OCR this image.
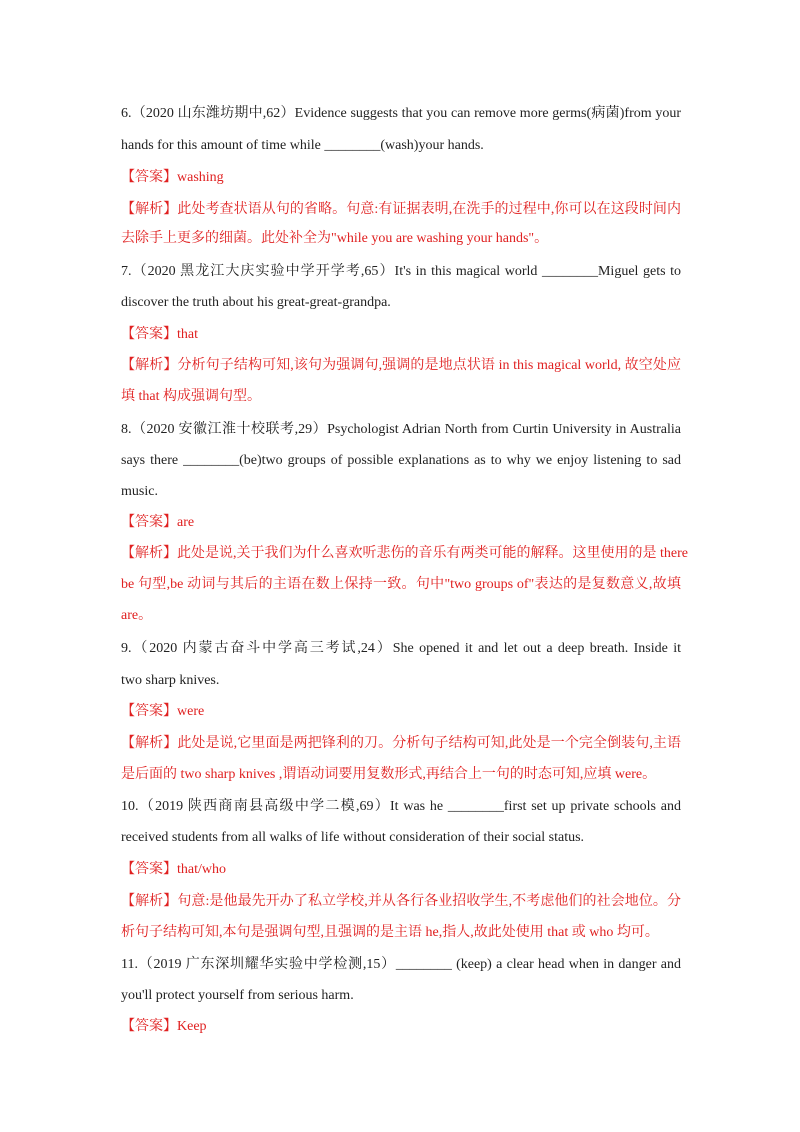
6.（2020 山东潍坊期中,62）Evidence suggests that you can remove more germs(病菌)from your
hands for this amount of time while ________(wash)your hands.
【答案】washing
【解析】此处考查状语从句的省略。句意:有证据表明,在洗手的过程中,你可以在这段时间内
去除手上更多的细菌。此处补全为"while you are washing your hands"。
7.（2020 黑龙江大庆实验中学开学考,65）It's in this magical world ________Miguel gets to
discover the truth about his great-great-grandpa.
【答案】that
【解析】分析句子结构可知,该句为强调句,强调的是地点状语 in this magical world, 故空处应
填 that 构成强调句型。
8.（2020 安徽江淮十校联考,29）Psychologist Adrian North from Curtin University in Australia
says there ________(be)two groups of possible explanations as to why we enjoy listening to sad
music.
【答案】are
【解析】此处是说,关于我们为什么喜欢听悲伤的音乐有两类可能的解释。这里使用的是 there
be 句型,be 动词与其后的主语在数上保持一致。句中"two groups of"表达的是复数意义,故填
are。
9.（2020 内蒙古奋斗中学高三考试,24）She opened it and let out a deep breath. Inside it
two sharp knives.
【答案】were
【解析】此处是说,它里面是两把锋利的刀。分析句子结构可知,此处是一个完全倒装句,主语
是后面的 two sharp knives ,谓语动词要用复数形式,再结合上一句的时态可知,应填 were。
10.（2019 陕西商南县高级中学二模,69）It was he ________first set up private schools and
received students from all walks of life without consideration of their social status.
【答案】that/who
【解析】句意:是他最先开办了私立学校,并从各行各业招收学生,不考虑他们的社会地位。分
析句子结构可知,本句是强调句型,且强调的是主语 he,指人,故此处使用 that 或 who 均可。
11.（2019 广东深圳耀华实验中学检测,15）________ (keep) a clear head when in danger and
you'll protect yourself from serious harm.
【答案】Keep
